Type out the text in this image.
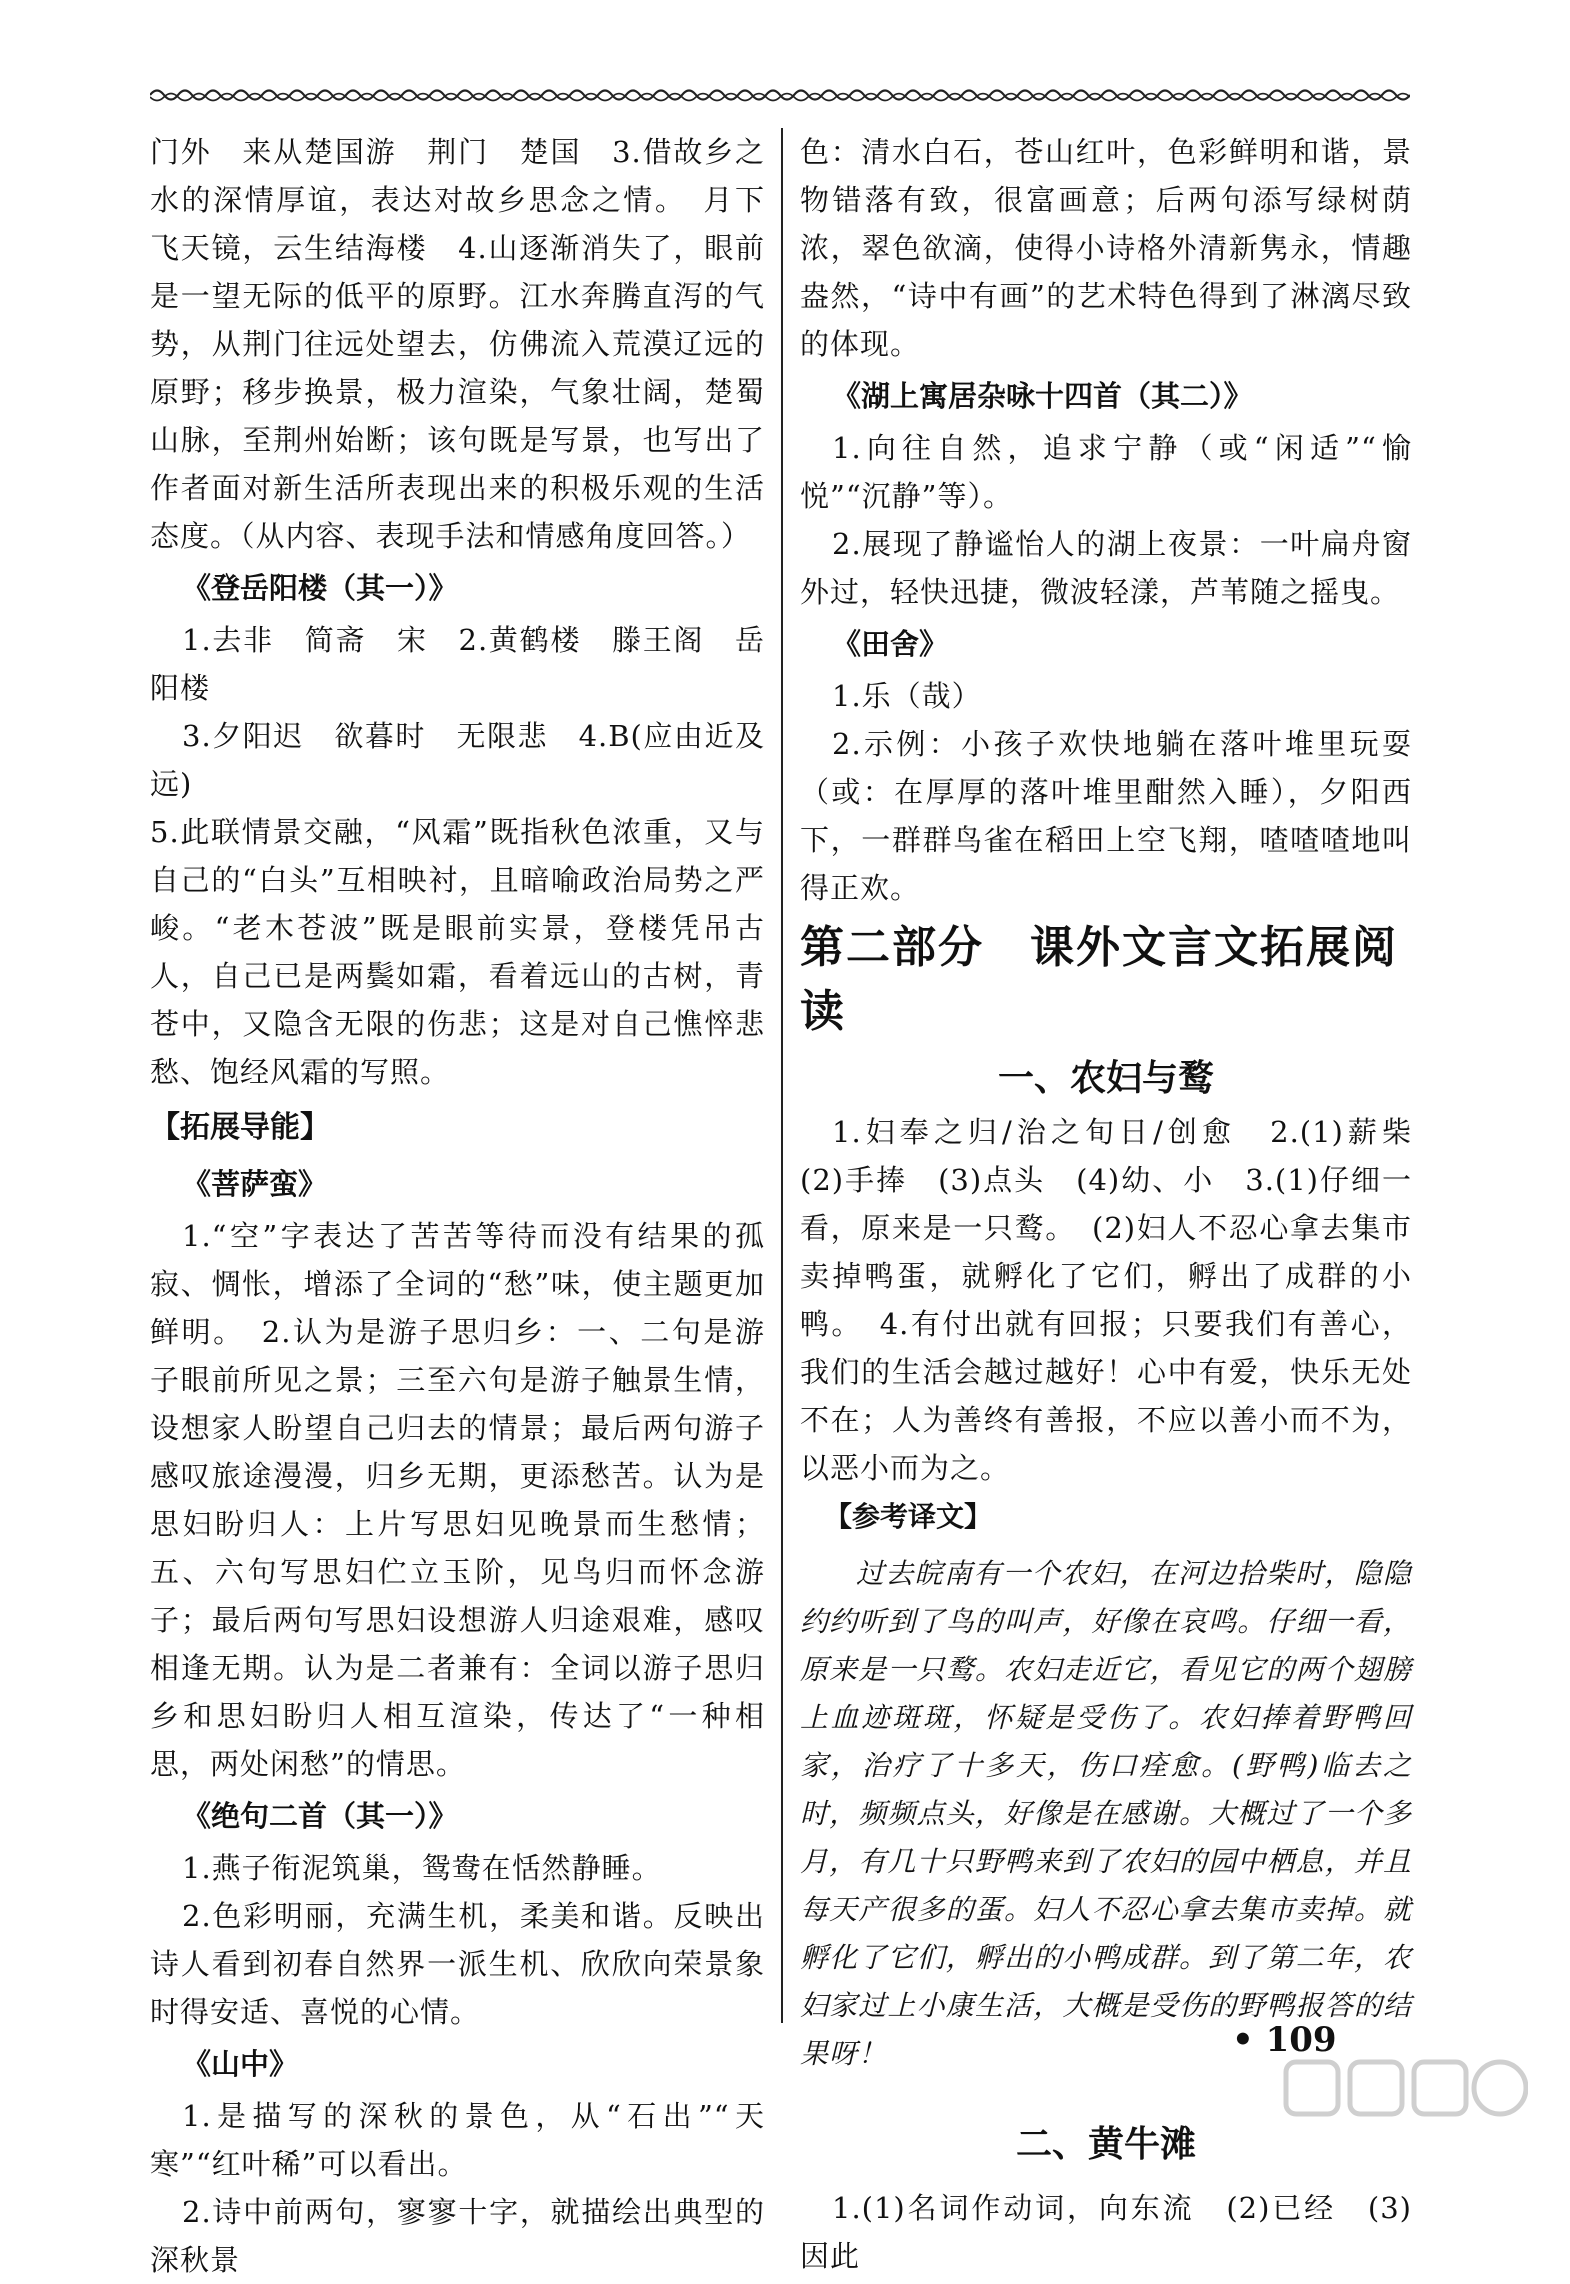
门外　来从楚国游　荆门　楚国　3.借故乡之水的深情厚谊，表达对故乡思念之情。　月下飞天镜，云生结海楼　4.山逐渐消失了，眼前是一望无际的低平的原野。江水奔腾直泻的气势，从荆门往远处望去，仿佛流入荒漠辽远的原野；移步换景，极力渲染，气象壮阔，楚蜀山脉，至荆州始断；该句既是写景，也写出了作者面对新生活所表现出来的积极乐观的生活态度。（从内容、表现手法和情感角度回答。）

《登岳阳楼（其一）》

1.去非　简斋　宋　2.黄鹤楼　滕王阁　岳阳楼

3.夕阳迟　欲暮时　无限悲　4.B(应由近及远)

5.此联情景交融，“风霜”既指秋色浓重，又与自己的“白头”互相映衬，且暗喻政治局势之严峻。“老木苍波”既是眼前实景，登楼凭吊古人，自己已是两鬓如霜，看着远山的古树，青苍中，又隐含无限的伤悲；这是对自己憔悴悲愁、饱经风霜的写照。

【拓展导能】

《菩萨蛮》

1.“空”字表达了苦苦等待而没有结果的孤寂、惆怅，增添了全词的“愁”味，使主题更加鲜明。　2.认为是游子思归乡：一、二句是游子眼前所见之景；三至六句是游子触景生情，设想家人盼望自己归去的情景；最后两句游子感叹旅途漫漫，归乡无期，更添愁苦。认为是思妇盼归人：上片写思妇见晚景而生愁情；五、六句写思妇伫立玉阶，见鸟归而怀念游子；最后两句写思妇设想游人归途艰难，感叹相逢无期。认为是二者兼有：全词以游子思归乡和思妇盼归人相互渲染，传达了“一种相思，两处闲愁”的情思。

《绝句二首（其一）》

1.燕子衔泥筑巢，鸳鸯在恬然静睡。

2.色彩明丽，充满生机，柔美和谐。反映出诗人看到初春自然界一派生机、欣欣向荣景象时得安适、喜悦的心情。

《山中》

1.是描写的深秋的景色，从“石出”“天寒”“红叶稀”可以看出。

2.诗中前两句，寥寥十字，就描绘出典型的深秋景

色：清水白石，苍山红叶，色彩鲜明和谐，景物错落有致，很富画意；后两句添写绿树荫浓，翠色欲滴，使得小诗格外清新隽永，情趣盎然，“诗中有画”的艺术特色得到了淋漓尽致的体现。

《湖上寓居杂咏十四首（其二）》

1.向往自然，追求宁静（或“闲适”“愉悦”“沉静”等）。

2.展现了静谧怡人的湖上夜景：一叶扁舟窗外过，轻快迅捷，微波轻漾，芦苇随之摇曳。

《田舍》

1.乐（哉）

2.示例：小孩子欢快地躺在落叶堆里玩耍（或：在厚厚的落叶堆里酣然入睡），夕阳西下，一群群鸟雀在稻田上空飞翔，喳喳喳地叫得正欢。

第二部分　课外文言文拓展阅读

一、农妇与鹜

1.妇奉之归/治之旬日/创愈　2.(1)薪柴　(2)手捧　(3)点头　(4)幼、小　3.(1)仔细一看，原来是一只鹜。　(2)妇人不忍心拿去集市卖掉鸭蛋，就孵化了它们，孵出了成群的小鸭。　4.有付出就有回报；只要我们有善心，我们的生活会越过越好！心中有爱，快乐无处不在；人为善终有善报，不应以善小而不为，以恶小而为之。

【参考译文】

过去皖南有一个农妇，在河边拾柴时，隐隐约约听到了鸟的叫声，好像在哀鸣。仔细一看，原来是一只鹜。农妇走近它，看见它的两个翅膀上血迹斑斑，怀疑是受伤了。农妇捧着野鸭回家，治疗了十多天，伤口痊愈。(野鸭)临去之时，频频点头，好像是在感谢。大概过了一个多月，有几十只野鸭来到了农妇的园中栖息，并且每天产很多的蛋。妇人不忍心拿去集市卖掉。就孵化了它们，孵出的小鸭成群。到了第二年，农妇家过上小康生活，大概是受伤的野鸭报答的结果呀！

二、黄牛滩

1.(1)名词作动词，向东流　(2)已经　(3)因此

• 109
